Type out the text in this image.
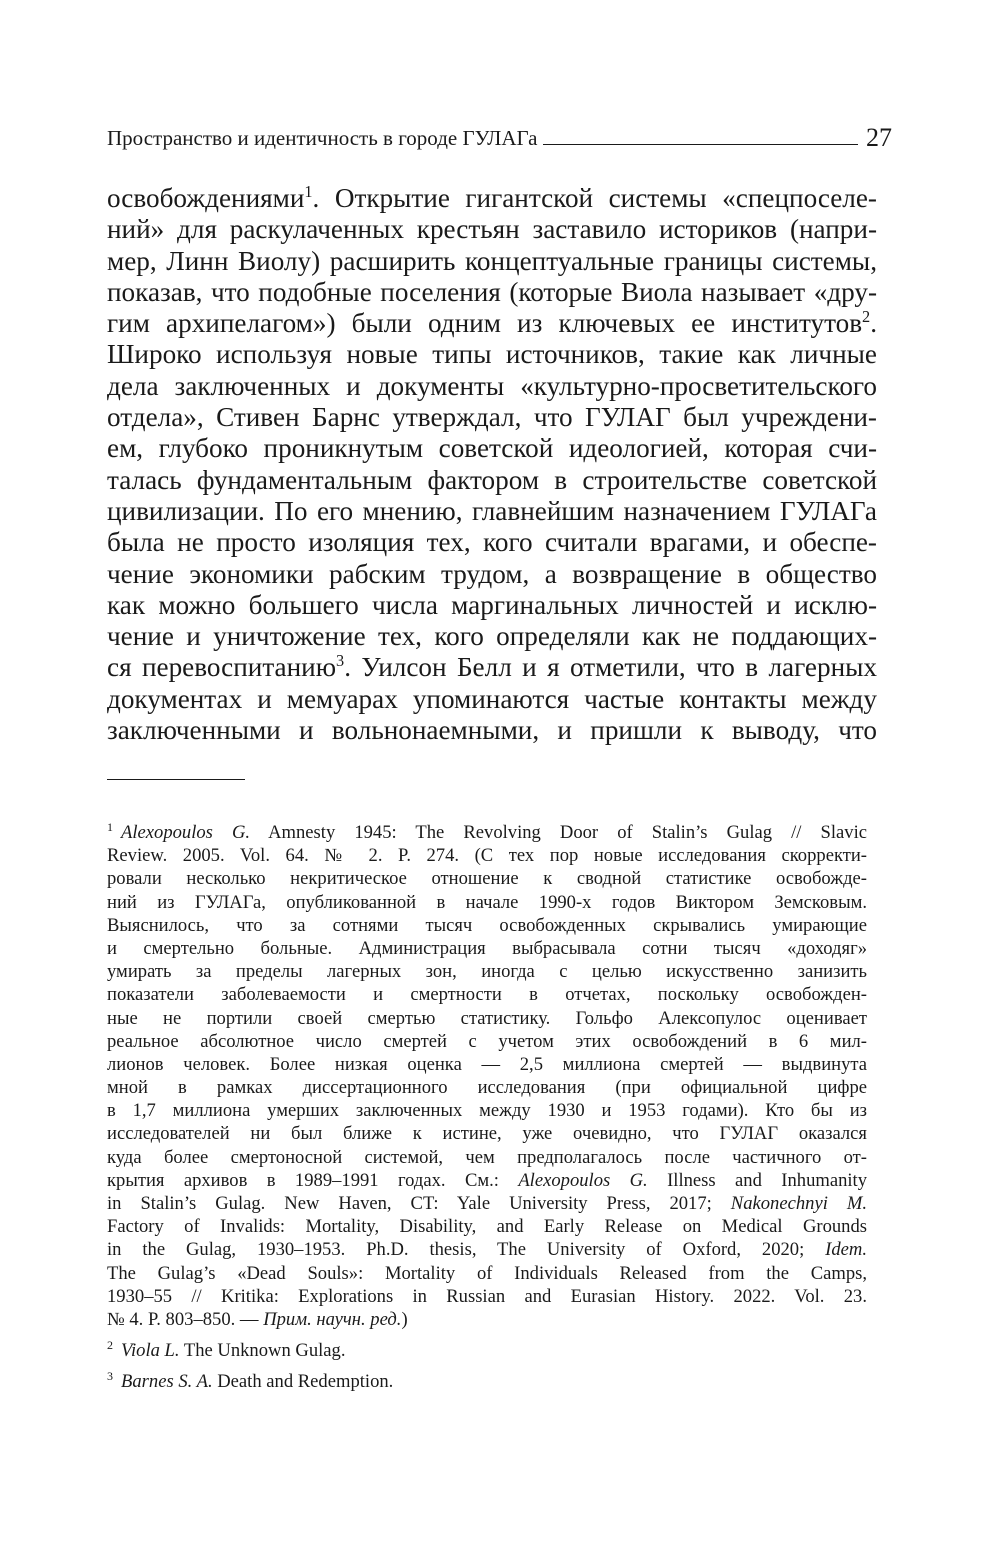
Пространство и идентичность в городе ГУЛАГа	27
освобождениями$^1$. Открытие гигантской системы «спецпоселе-
ний» для раскулаченных крестьян заставило историков (напри-
мер, Линн Виолу) расширить концептуальные границы системы,
показав, что подобные поселения (которые Виола называет «дру-
гим архипелагом») были одним из ключевых ее институтов$^2$.
Широко используя новые типы источников, такие как личные
дела заключенных и документы «культурно-просветительского
отдела», Стивен Барнс утверждал, что ГУЛАГ был учреждени-
ем, глубоко проникнутым советской идеологией, которая счи-
талась фундаментальным фактором в строительстве советской
цивилизации. По его мнению, главнейшим назначением ГУЛАГа
была не просто изоляция тех, кого считали врагами, и обеспе-
чение экономики рабским трудом, а возвращение в общество
как можно большего числа маргинальных личностей и исклю-
чение и уничтожение тех, кого определяли как не поддающих-
ся перевоспитанию$^3$. Уилсон Белл и я отметили, что в лагерных
документах и мемуарах упоминаются частые контакты между
заключенными и вольнонаемными, и пришли к выводу, что
$^1$ Alexopoulos G. Amnesty 1945: The Revolving Door of Stalin’s Gulag // Slavic
Review. 2005. Vol. 64. № 2. P. 274. (С тех пор новые исследования скорректи-
ровали несколько некритическое отношение к сводной статистике освобожде-
ний из ГУЛАГа, опубликованной в начале 1990-х годов Виктором Земсковым.
Выяснилось, что за сотнями тысяч освобожденных скрывались умирающие
и смертельно больные. Администрация выбрасывала сотни тысяч «доходяг»
умирать за пределы лагерных зон, иногда с целью искусственно занизить
показатели заболеваемости и смертности в отчетах, поскольку освобожден-
ные не портили своей смертью статистику. Гольфо Алексопулос оценивает
реальное абсолютное число смертей с учетом этих освобождений в 6 мил-
лионов человек. Более низкая оценка — 2,5 миллиона смертей — выдвинута
мной в рамках диссертационного исследования (при официальной цифре
в 1,7 миллиона умерших заключенных между 1930 и 1953 годами). Кто бы из
исследователей ни был ближе к истине, уже очевидно, что ГУЛАГ оказался
куда более смертоносной системой, чем предполагалось после частичного от-
крытия архивов в 1989–1991 годах. См.: Alexopoulos G. Illness and Inhumanity
in Stalin’s Gulag. New Haven, CT: Yale University Press, 2017; Nakonechnyi M.
Factory of Invalids: Mortality, Disability, and Early Release on Medical Grounds
in the Gulag, 1930–1953. Ph.D. thesis, The University of Oxford, 2020; Idem.
The Gulag’s «Dead Souls»: Mortality of Individuals Released from the Camps,
1930–55 // Kritika: Explorations in Russian and Eurasian History. 2022. Vol. 23.
№ 4. P. 803–850. — Прим. научн. ред.)
$^2$ Viola L. The Unknown Gulag.
$^3$ Barnes S. A. Death and Redemption.
